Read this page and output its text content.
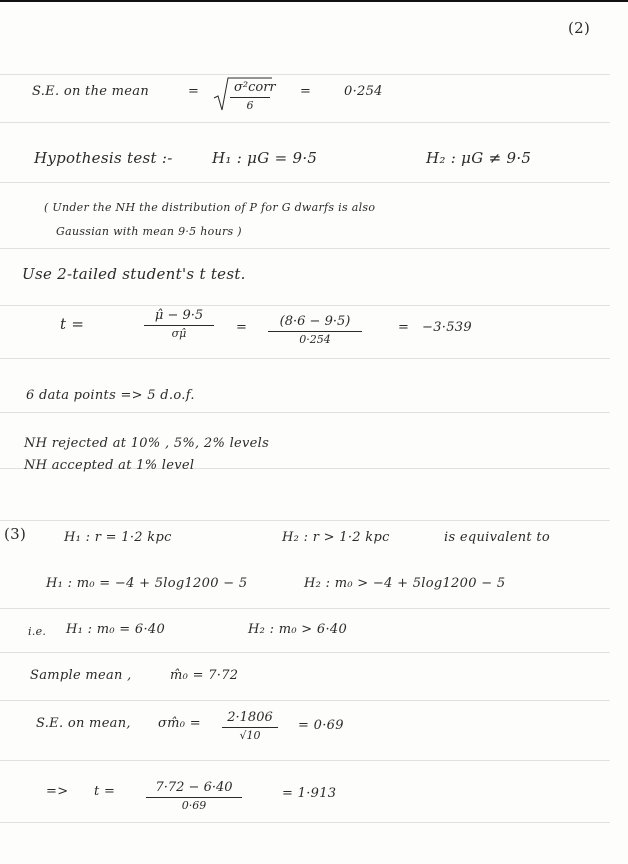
(2)
S.E. on the mean	=	σ²corr
6
=	0·254
Hypothesis test :-	H₁ : μG = 9·5	H₂ : μG ≠ 9·5
( Under the NH the distribution of P for G dwarfs is also
Gaussian with mean 9·5 hours )
Use 2-tailed student's t test.
t =	μ̂ − 9·5
σμ̂	=	(8·6 − 9·5)
0·254
= −3·539
6 data points => 5 d.o.f.
NH rejected at 10% , 5%, 2% levels
NH accepted at 1% level
(3)	H₁ : r = 1·2 kpc	H₂ : r > 1·2 kpc	is equivalent to
H₁ : m₀ = −4 + 5log1200 − 5	H₂ : m₀ > −4 + 5log1200 − 5
i.e. H₁ : m₀ = 6·40	H₂ : m₀ > 6·40
Sample mean ,	m̂₀ = 7·72
S.E. on mean, σm̂₀ =	2·1806
√10
= 0·69
=> t =	7·72 − 6·40
0·69
= 1·913
